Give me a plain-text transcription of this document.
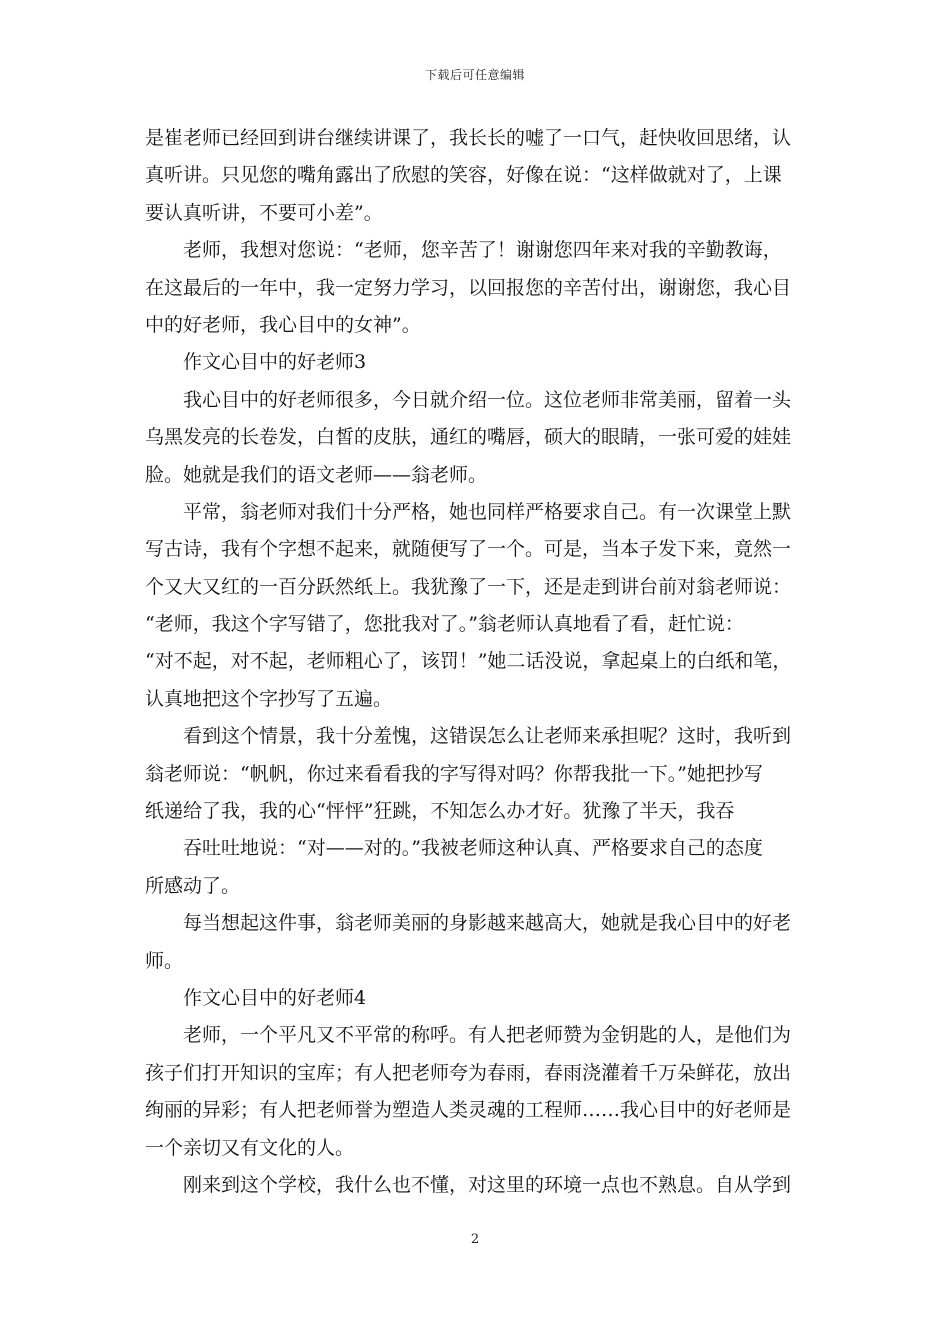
下载后可任意编辑
是崔老师已经回到讲台继续讲课了，我长长的嘘了一口气，赶快收回思绪，认
真听讲。只见您的嘴角露出了欣慰的笑容，好像在说：“这样做就对了，上课
要认真听讲，不要可小差”。
老师，我想对您说：“老师，您辛苦了！谢谢您四年来对我的辛勤教诲，
在这最后的一年中，我一定努力学习，以回报您的辛苦付出，谢谢您，我心目
中的好老师，我心目中的女神”。
作文心目中的好老师3
我心目中的好老师很多，今日就介绍一位。这位老师非常美丽，留着一头
乌黑发亮的长卷发，白皙的皮肤，通红的嘴唇，硕大的眼睛，一张可爱的娃娃
脸。她就是我们的语文老师——翁老师。
平常，翁老师对我们十分严格，她也同样严格要求自己。有一次课堂上默
写古诗，我有个字想不起来，就随便写了一个。可是，当本子发下来，竟然一
个又大又红的一百分跃然纸上。我犹豫了一下，还是走到讲台前对翁老师说：
“老师，我这个字写错了，您批我对了。”翁老师认真地看了看，赶忙说：
“对不起，对不起，老师粗心了，该罚！”她二话没说，拿起桌上的白纸和笔，
认真地把这个字抄写了五遍。
看到这个情景，我十分羞愧，这错误怎么让老师来承担呢？这时，我听到
翁老师说：“帆帆，你过来看看我的字写得对吗？你帮我批一下。”她把抄写
纸递给了我，我的心“怦怦”狂跳，不知怎么办才好。犹豫了半天，我吞
吞吐吐地说：“对——对的。”我被老师这种认真、严格要求自己的态度
所感动了。
每当想起这件事，翁老师美丽的身影越来越高大，她就是我心目中的好老
师。
作文心目中的好老师4
老师，一个平凡又不平常的称呼。有人把老师赞为金钥匙的人，是他们为
孩子们打开知识的宝库；有人把老师夸为春雨，春雨浇灌着千万朵鲜花，放出
绚丽的异彩；有人把老师誉为塑造人类灵魂的工程师……我心目中的好老师是
一个亲切又有文化的人。
刚来到这个学校，我什么也不懂，对这里的环境一点也不熟息。自从学到
2
